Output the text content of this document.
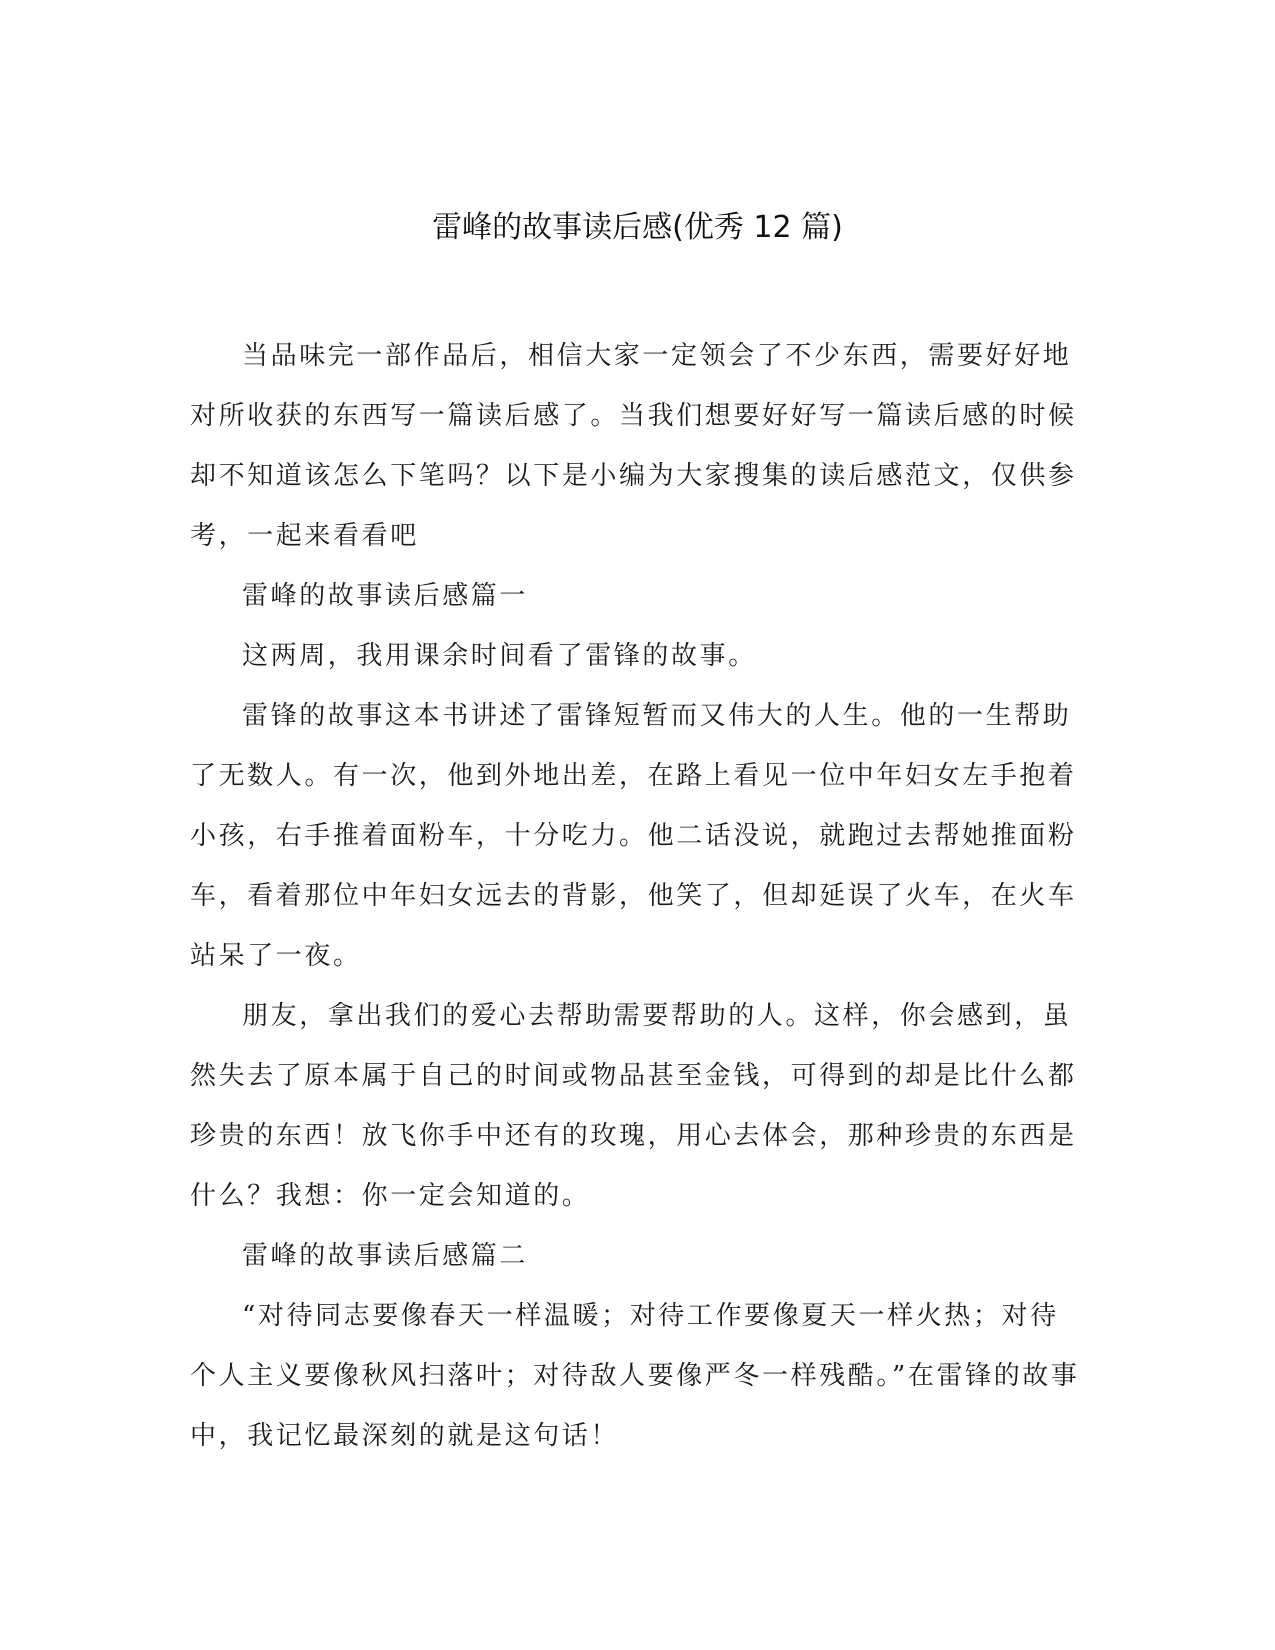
雷峰的故事读后感(优秀 12 篇)

当品味完一部作品后，相信大家一定领会了不少东西，需要好好地对所收获的东西写一篇读后感了。当我们想要好好写一篇读后感的时候却不知道该怎么下笔吗？以下是小编为大家搜集的读后感范文，仅供参考，一起来看看吧

雷峰的故事读后感篇一

这两周，我用课余时间看了雷锋的故事。

雷锋的故事这本书讲述了雷锋短暂而又伟大的人生。他的一生帮助了无数人。有一次，他到外地出差，在路上看见一位中年妇女左手抱着小孩，右手推着面粉车，十分吃力。他二话没说，就跑过去帮她推面粉车，看着那位中年妇女远去的背影，他笑了，但却延误了火车，在火车站呆了一夜。

朋友，拿出我们的爱心去帮助需要帮助的人。这样，你会感到，虽然失去了原本属于自己的时间或物品甚至金钱，可得到的却是比什么都珍贵的东西！放飞你手中还有的玫瑰，用心去体会，那种珍贵的东西是什么？我想：你一定会知道的。

雷峰的故事读后感篇二

“对待同志要像春天一样温暖；对待工作要像夏天一样火热；对待个人主义要像秋风扫落叶；对待敌人要像严冬一样残酷。”在雷锋的故事中，我记忆最深刻的就是这句话！
